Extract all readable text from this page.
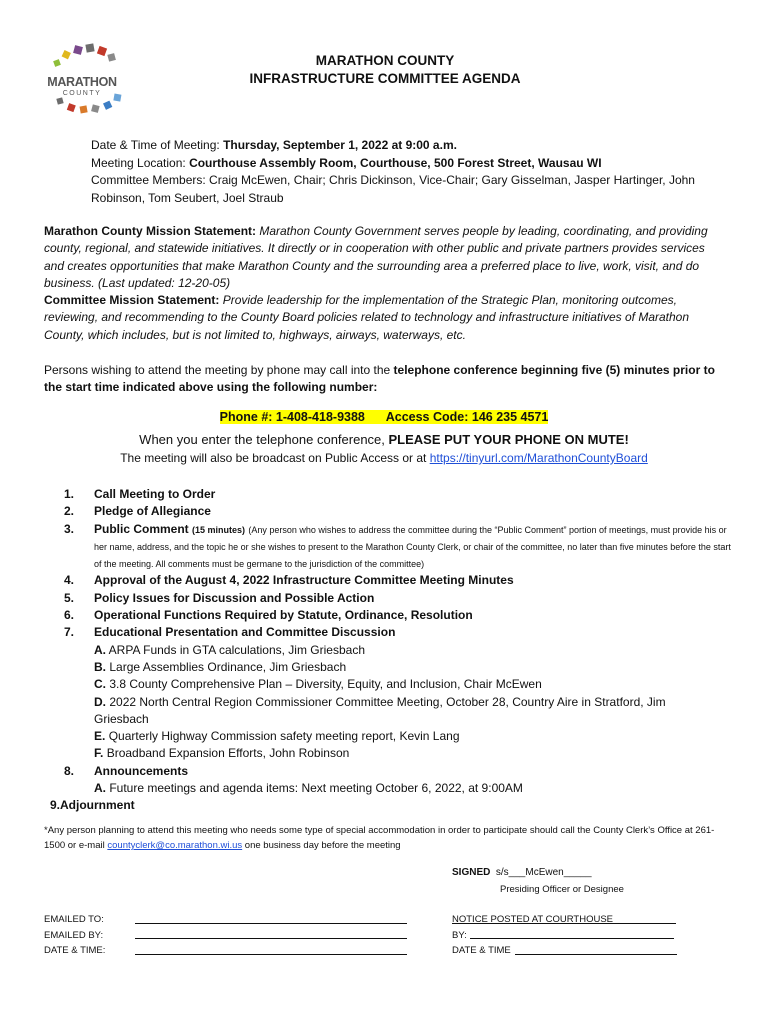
MARATHON
COUNTY
MARATHON COUNTY
INFRASTRUCTURE COMMITTEE AGENDA
Date & Time of Meeting: Thursday, September 1, 2022 at 9:00 a.m.
Meeting Location: Courthouse Assembly Room, Courthouse, 500 Forest Street, Wausau WI
Committee Members: Craig McEwen, Chair; Chris Dickinson, Vice-Chair; Gary Gisselman, Jasper Hartinger, John Robinson, Tom Seubert, Joel Straub
Marathon County Mission Statement: Marathon County Government serves people by leading, coordinating, and providing county, regional, and statewide initiatives. It directly or in cooperation with other public and private partners provides services and creates opportunities that make Marathon County and the surrounding area a preferred place to live, work, visit, and do business. (Last updated: 12-20-05)
Committee Mission Statement: Provide leadership for the implementation of the Strategic Plan, monitoring outcomes, reviewing, and recommending to the County Board policies related to technology and infrastructure initiatives of Marathon County, which includes, but is not limited to, highways, airways, waterways, etc.
Persons wishing to attend the meeting by phone may call into the telephone conference beginning five (5) minutes prior to the start time indicated above using the following number:
Phone #: 1-408-418-9388 Access Code: 146 235 4571
When you enter the telephone conference, PLEASE PUT YOUR PHONE ON MUTE!
The meeting will also be broadcast on Public Access or at https://tinyurl.com/MarathonCountyBoard
1. Call Meeting to Order
2. Pledge of Allegiance
3.	Public Comment (15 minutes) (Any person who wishes to address the committee during the “Public Comment” portion of meetings, must provide his or her name, address, and the topic he or she wishes to present to the Marathon County Clerk, or chair of the committee, no later than five minutes before the start of the meeting. All comments must be germane to the jurisdiction of the committee)
4. Approval of the August 4, 2022 Infrastructure Committee Meeting Minutes
5. Policy Issues for Discussion and Possible Action
6. Operational Functions Required by Statute, Ordinance, Resolution
7. Educational Presentation and Committee Discussion
A. ARPA Funds in GTA calculations, Jim Griesbach
B. Large Assemblies Ordinance, Jim Griesbach
C. 3.8 County Comprehensive Plan – Diversity, Equity, and Inclusion, Chair McEwen
D. 2022 North Central Region Commissioner Committee Meeting, October 28, Country Aire in Stratford, Jim Griesbach
E. Quarterly Highway Commission safety meeting report, Kevin Lang
F. Broadband Expansion Efforts, John Robinson
8. Announcements
A. Future meetings and agenda items: Next meeting October 6, 2022, at 9:00AM
9.Adjournment
*Any person planning to attend this meeting who needs some type of special accommodation in order to participate should call the County Clerk’s Office at 261-1500 or e-mail countyclerk@co.marathon.wi.us one business day before the meeting
SIGNED s/s___McEwen_____
Presiding Officer or Designee
EMAILED TO:
EMAILED BY:
DATE & TIME:
NOTICE POSTED AT COURTHOUSE
BY:
DATE & TIME
